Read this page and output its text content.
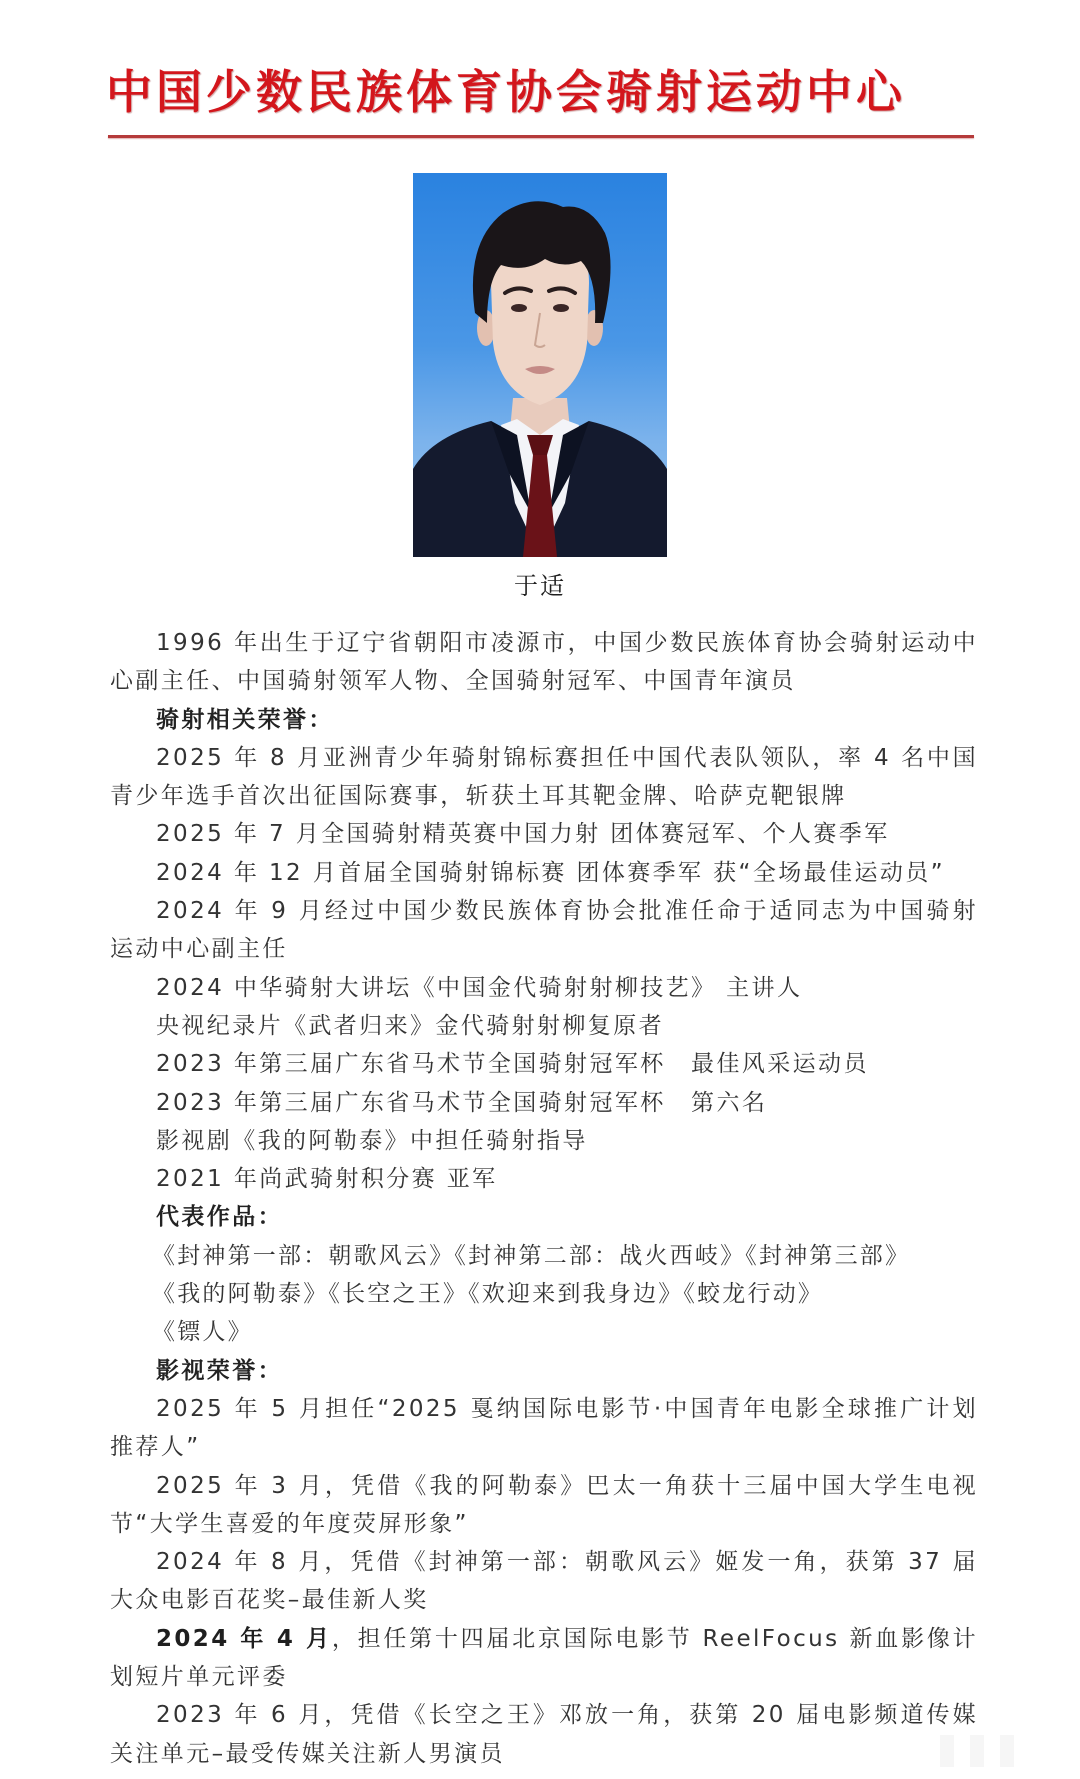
中国少数民族体育协会骑射运动中心
于适

1996 年出生于辽宁省朝阳市凌源市，中国少数民族体育协会骑射运动中心副主任、中国骑射领军人物、全国骑射冠军、中国青年演员

骑射相关荣誉：

2025 年 8 月亚洲青少年骑射锦标赛担任中国代表队领队，率 4 名中国青少年选手首次出征国际赛事，斩获土耳其靶金牌、哈萨克靶银牌

2025 年 7 月全国骑射精英赛中国力射 团体赛冠军、个人赛季军

2024 年 12 月首届全国骑射锦标赛 团体赛季军 获“全场最佳运动员”

2024 年 9 月经过中国少数民族体育协会批准任命于适同志为中国骑射运动中心副主任

2024 中华骑射大讲坛《中国金代骑射射柳技艺》 主讲人

央视纪录片《武者归来》金代骑射射柳复原者

2023 年第三届广东省马术节全国骑射冠军杯　最佳风采运动员

2023 年第三届广东省马术节全国骑射冠军杯　第六名

影视剧《我的阿勒泰》中担任骑射指导

2021 年尚武骑射积分赛 亚军

代表作品：

《封神第一部：朝歌风云》《封神第二部：战火西岐》《封神第三部》

《我的阿勒泰》《长空之王》《欢迎来到我身边》《蛟龙行动》

《镖人》

影视荣誉：

2025 年 5 月担任“2025 戛纳国际电影节·中国青年电影全球推广计划推荐人”

2025 年 3 月，凭借《我的阿勒泰》巴太一角获十三届中国大学生电视节“大学生喜爱的年度荧屏形象”

2024 年 8 月，凭借《封神第一部：朝歌风云》姬发一角，获第 37 届大众电影百花奖–最佳新人奖

2024 年 4 月，担任第十四届北京国际电影节 ReelFocus 新血影像计划短片单元评委

2023 年 6 月，凭借《长空之王》邓放一角，获第 20 届电影频道传媒关注单元–最受传媒关注新人男演员
